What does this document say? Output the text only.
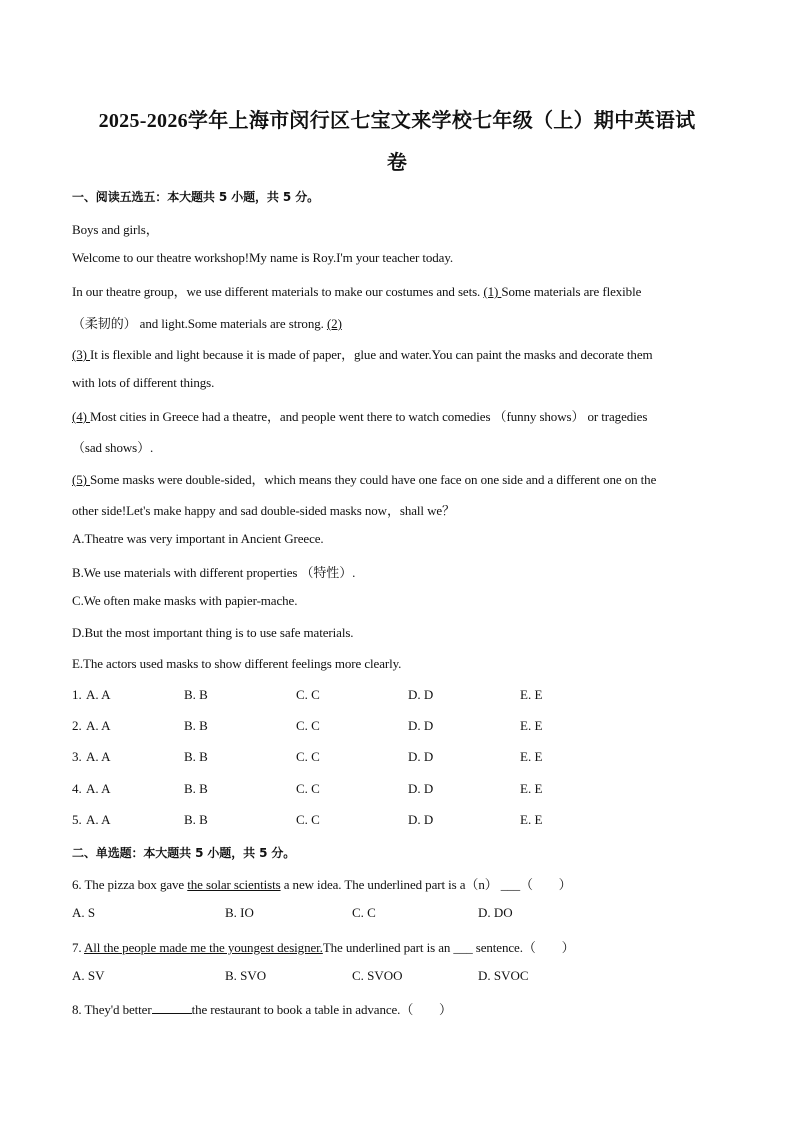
2025-2026学年上海市闵行区七宝文来学校七年级（上）期中英语试
卷
一、阅读五选五：本大题共 5 小题，共 5 分。
Boys and girls，
Welcome to our theatre workshop!My name is Roy.I'm your teacher today.
In our theatre group，we use different materials to make our costumes and sets. (1) Some materials are flexible
（柔韧的） and light.Some materials are strong. (2)
(3) It is flexible and light because it is made of paper，glue and water.You can paint the masks and decorate them
with lots of different things.
(4) Most cities in Greece had a theatre，and people went there to watch comedies （funny shows） or tragedies
（sad shows）.
(5) Some masks were double-sided，which means they could have one face on one side and a different one on the
other side!Let's make happy and sad double-sided masks now，shall we？
A.Theatre was very important in Ancient Greece.
B.We use materials with different properties （特性）.
C.We often make masks with papier-mache.
D.But the most important thing is to use safe materials.
E.The actors used masks to show different feelings more clearly.
1. A. A	B. B	C. C	D. D	E. E
2. A. A	B. B	C. C	D. D	E. E
3. A. A	B. B	C. C	D. D	E. E
4. A. A	B. B	C. C	D. D	E. E
5. A. A	B. B	C. C	D. D	E. E
二、单选题：本大题共 5 小题，共 5 分。
6. The pizza box gave the solar scientists a new idea. The underlined part is a（n） ___（　　）
A. S	B. IO	C. C	D. DO
7. All the people made me the youngest designer.The underlined part is an ___ sentence.（　　）
A. SV	B. SVO	C. SVOO	D. SVOC
8. They'd better	the restaurant to book a table in advance.（　　）
